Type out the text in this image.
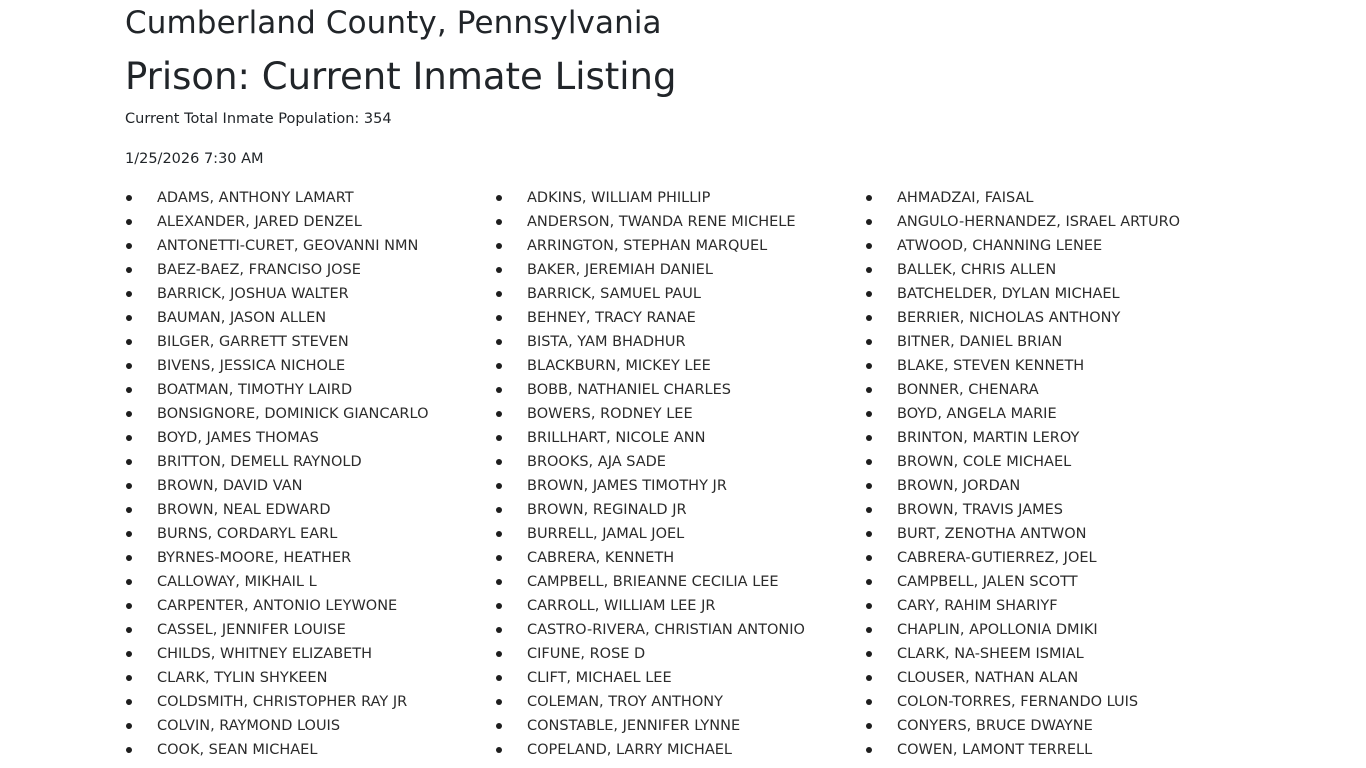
Cumberland County, Pennsylvania
Prison: Current Inmate Listing

Current Total Inmate Population: 354

1/25/2026 7:30 AM

ADAMS, ANTHONY LAMART
ALEXANDER, JARED DENZEL
ANTONETTI-CURET, GEOVANNI NMN
BAEZ-BAEZ, FRANCISO JOSE
BARRICK, JOSHUA WALTER
BAUMAN, JASON ALLEN
BILGER, GARRETT STEVEN
BIVENS, JESSICA NICHOLE
BOATMAN, TIMOTHY LAIRD
BONSIGNORE, DOMINICK GIANCARLO
BOYD, JAMES THOMAS
BRITTON, DEMELL RAYNOLD
BROWN, DAVID VAN
BROWN, NEAL EDWARD
BURNS, CORDARYL EARL
BYRNES-MOORE, HEATHER
CALLOWAY, MIKHAIL L
CARPENTER, ANTONIO LEYWONE
CASSEL, JENNIFER LOUISE
CHILDS, WHITNEY ELIZABETH
CLARK, TYLIN SHYKEEN
COLDSMITH, CHRISTOPHER RAY JR
COLVIN, RAYMOND LOUIS
COOK, SEAN MICHAEL
ADKINS, WILLIAM PHILLIP
ANDERSON, TWANDA RENE MICHELE
ARRINGTON, STEPHAN MARQUEL
BAKER, JEREMIAH DANIEL
BARRICK, SAMUEL PAUL
BEHNEY, TRACY RANAE
BISTA, YAM BHADHUR
BLACKBURN, MICKEY LEE
BOBB, NATHANIEL CHARLES
BOWERS, RODNEY LEE
BRILLHART, NICOLE ANN
BROOKS, AJA SADE
BROWN, JAMES TIMOTHY JR
BROWN, REGINALD JR
BURRELL, JAMAL JOEL
CABRERA, KENNETH
CAMPBELL, BRIEANNE CECILIA LEE
CARROLL, WILLIAM LEE JR
CASTRO-RIVERA, CHRISTIAN ANTONIO
CIFUNE, ROSE D
CLIFT, MICHAEL LEE
COLEMAN, TROY ANTHONY
CONSTABLE, JENNIFER LYNNE
COPELAND, LARRY MICHAEL
AHMADZAI, FAISAL
ANGULO-HERNANDEZ, ISRAEL ARTURO
ATWOOD, CHANNING LENEE
BALLEK, CHRIS ALLEN
BATCHELDER, DYLAN MICHAEL
BERRIER, NICHOLAS ANTHONY
BITNER, DANIEL BRIAN
BLAKE, STEVEN KENNETH
BONNER, CHENARA
BOYD, ANGELA MARIE
BRINTON, MARTIN LEROY
BROWN, COLE MICHAEL
BROWN, JORDAN
BROWN, TRAVIS JAMES
BURT, ZENOTHA ANTWON
CABRERA-GUTIERREZ, JOEL
CAMPBELL, JALEN SCOTT
CARY, RAHIM SHARIYF
CHAPLIN, APOLLONIA DMIKI
CLARK, NA-SHEEM ISMIAL
CLOUSER, NATHAN ALAN
COLON-TORRES, FERNANDO LUIS
CONYERS, BRUCE DWAYNE
COWEN, LAMONT TERRELL
